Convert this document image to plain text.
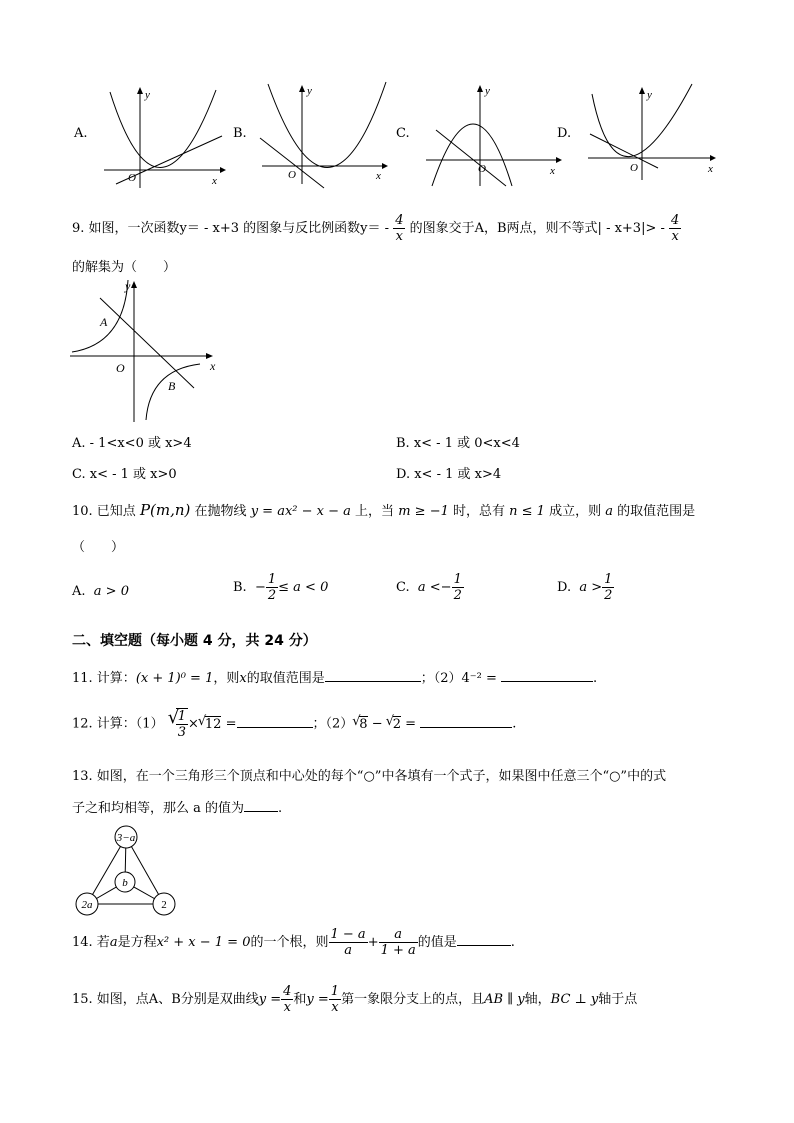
A.
y
x
O
B.
y
x
O
C.
y
x
O
D.
y
x
O
9. 如图，一次函数y＝ - x+3 的图象与反比例函数$y= - \frac{4}{x}$ 的图象交于A，B两点，则不等式| - $x+3|> - \frac{4}{x}$
的解集为（　　）
y
x
O
A
B
A. - 1<x<0 或 x>4	B. x< - 1 或 0<x<4
C. x< - 1 或 x>0	D. x< - 1 或 x>4
10. 已知点 P(m,n) 在抛物线 y = ax² − x − a 上，当 m ≥ −1 时，总有 n ≤ 1 成立，则 a 的取值范围是
（　　）
A. a > 0	B.  − $\frac{1}{2} \le a < 0$	C. $a <- \frac{1}{2}$	D. $a > \frac{1}{2}$
二、填空题（每小题 4 分，共 24 分）
11. 计算：(x + 1)⁰ = 1，则x的取值范围是	；（2）4⁻² =	.
12. 计算：（1） √
$\frac{1}{3}$ × √
12 =	；（2） √
8 − √
2 =	.
13. 如图，在一个三角形三个顶点和中心处的每个“○”中各填有一个式子，如果图中任意三个“○”中的式
子之和均相等，那么 a 的值为	.
3−a
b
2a	2
14. 若a是方程x² + x − 1 = 0的一个根，则 $\frac{1 - a}{a} + \frac{a}{1 + a}$ 的值是	.
15. 如图，点A、B分别是双曲线$y = \frac{4}{x}$ 和$y = \frac{1}{x}$ 第一象限分支上的点，且AB ∥ y轴，BC ⊥ y轴于点
